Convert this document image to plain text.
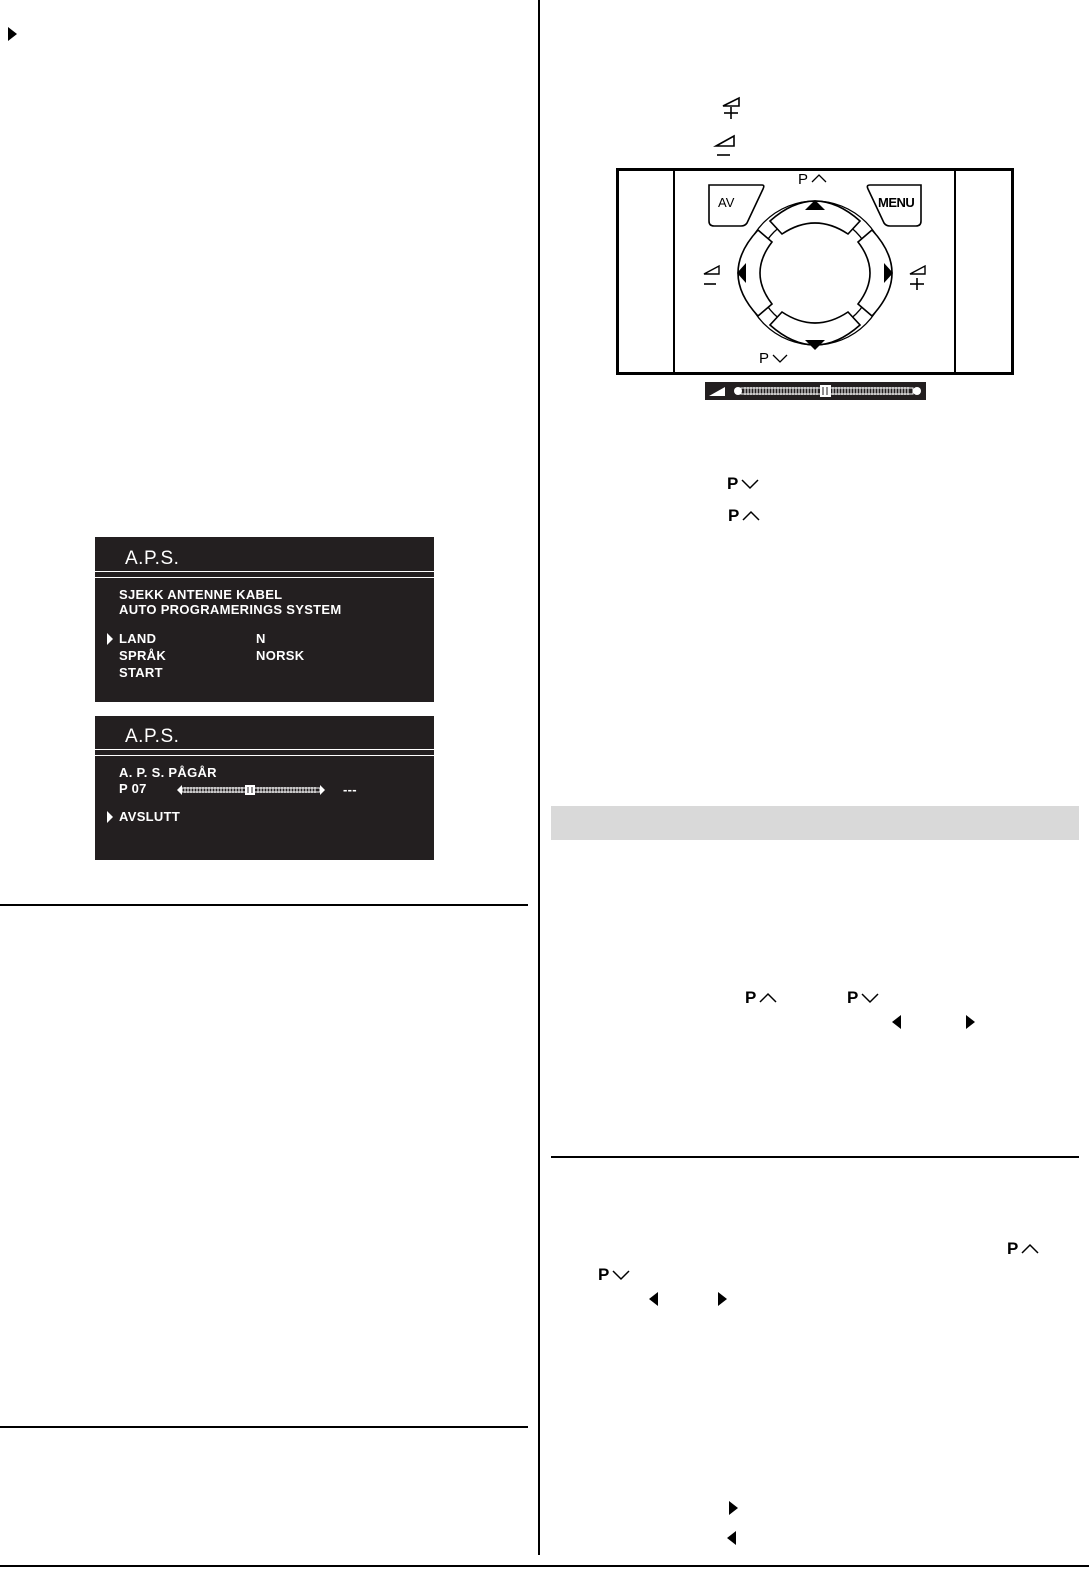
A.P.S.
SJEKK ANTENNE KABEL
AUTO PROGRAMERINGS SYSTEM
LAND	N
SPRÅK	NORSK
START
A.P.S.
A. P. S. PÅGÅR
P 07	---
AVSLUTT
AV	MENU
P
P
P
P
P	P
P
P
